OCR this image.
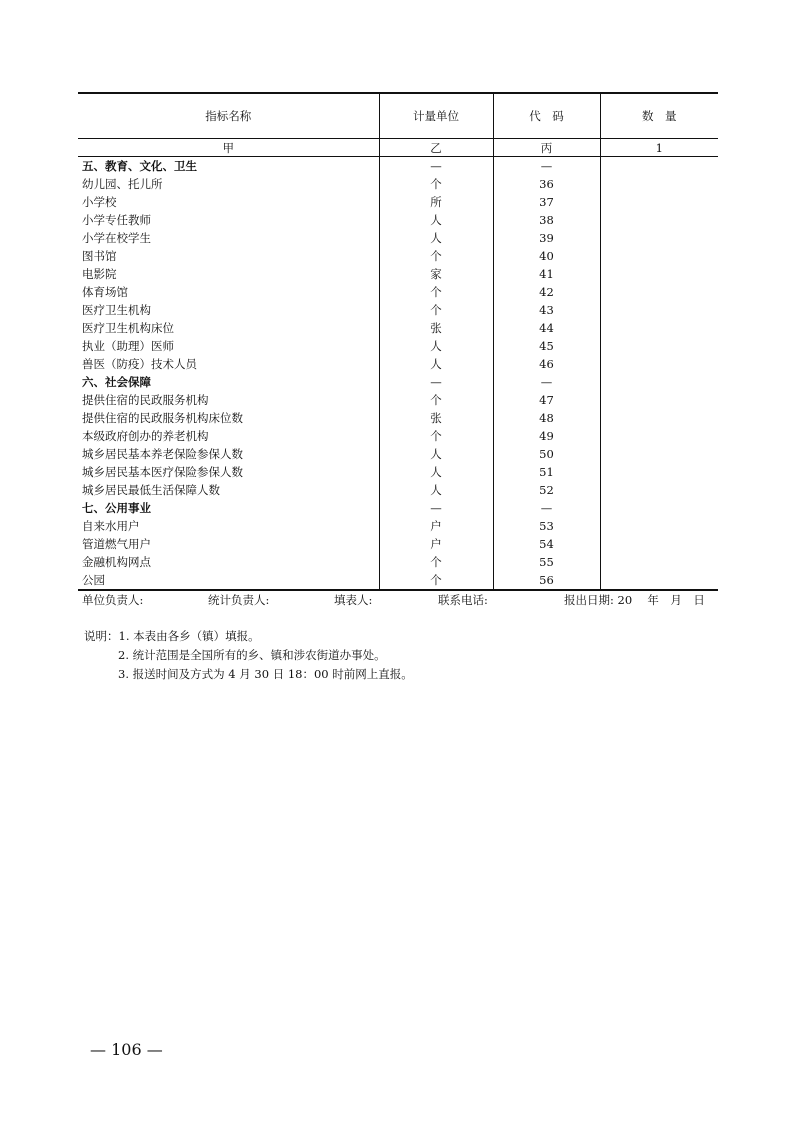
指标名称	计量单位	代　码	数　量
甲	乙	丙	1
五、教育、文化、卫生	—	—	
幼儿园、托儿所	个	36	
小学校	所	37	
小学专任教师	人	38	
小学在校学生	人	39	
图书馆	个	40	
电影院	家	41	
体育场馆	个	42	
医疗卫生机构	个	43	
医疗卫生机构床位	张	44	
执业（助理）医师	人	45	
兽医（防疫）技术人员	人	46	
六、社会保障	—	—	
提供住宿的民政服务机构	个	47	
提供住宿的民政服务机构床位数	张	48	
本级政府创办的养老机构	个	49	
城乡居民基本养老保险参保人数	人	50	
城乡居民基本医疗保险参保人数	人	51	
城乡居民最低生活保障人数	人	52	
七、公用事业	—	—	
自来水用户	户	53	
管道燃气用户	户	54	
金融机构网点	个	55	
公园	个	56	
单位负责人:	统计负责人:	填表人:	联系电话:	报出日期: 20　 年　月　日
说明：1. 本表由各乡（镇）填报。
2. 统计范围是全国所有的乡、镇和涉农街道办事处。
3. 报送时间及方式为 4 月 30 日 18：00 时前网上直报。
— 106 —
